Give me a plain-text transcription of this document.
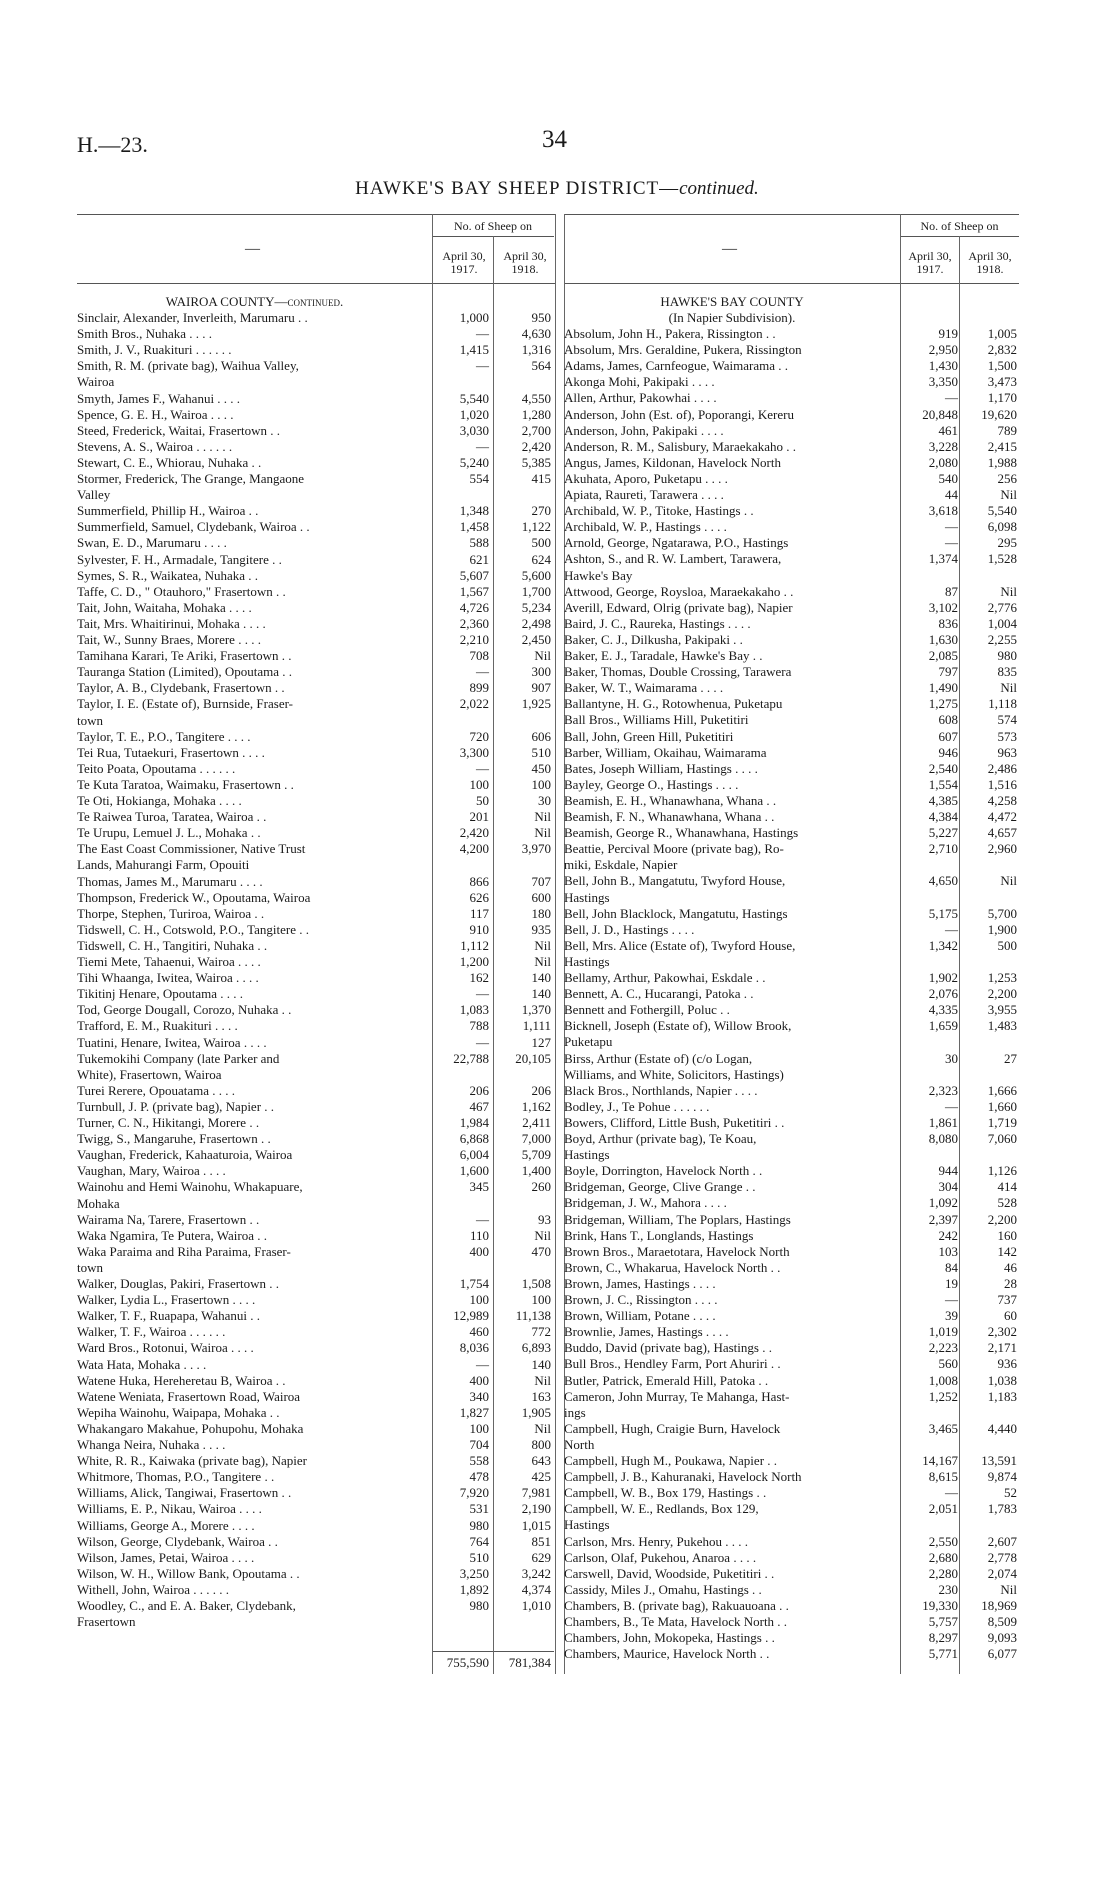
H.—23.	34
HAWKE'S BAY SHEEP DISTRICT—continued.
—	—
No. of Sheep on	No. of Sheep on
April 30, 1917.
April 30, 1918.
April 30, 1917.
April 30, 1918.
WAIROA COUNTY—continued.	HAWKE'S BAY COUNTY
(In Napier Subdivision).
Sinclair, Alexander, Inverleith, Marumaru . .	1,000	950
Smith Bros., Nuhaka . . . .	—	4,630
Smith, J. V., Ruakituri . . . . . .	1,415	1,316
Smith, R. M. (private bag), Waihua Valley,	—	564
Wairoa
Smyth, James F., Wahanui . . . .	5,540	4,550
Spence, G. E. H., Wairoa . . . .	1,020	1,280
Steed, Frederick, Waitai, Frasertown . .	3,030	2,700
Stevens, A. S., Wairoa . . . . . .	—	2,420
Stewart, C. E., Whiorau, Nuhaka . .	5,240	5,385
Stormer, Frederick, The Grange, Mangaone	554	415
Valley
Summerfield, Phillip H., Wairoa . .	1,348	270
Summerfield, Samuel, Clydebank, Wairoa . .	1,458	1,122
Swan, E. D., Marumaru . . . .	588	500
Sylvester, F. H., Armadale, Tangitere . .	621	624
Symes, S. R., Waikatea, Nuhaka . .	5,607	5,600
Taffe, C. D., " Otauhoro," Frasertown . .	1,567	1,700
Tait, John, Waitaha, Mohaka . . . .	4,726	5,234
Tait, Mrs. Whaitirinui, Mohaka . . . .	2,360	2,498
Tait, W., Sunny Braes, Morere . . . .	2,210	2,450
Tamihana Karari, Te Ariki, Frasertown . .	708	Nil
Tauranga Station (Limited), Opoutama . .	—	300
Taylor, A. B., Clydebank, Frasertown . .	899	907
Taylor, I. E. (Estate of), Burnside, Fraser-	2,022	1,925
town
Taylor, T. E., P.O., Tangitere . . . .	720	606
Tei Rua, Tutaekuri, Frasertown . . . .	3,300	510
Teito Poata, Opoutama . . . . . .	—	450
Te Kuta Taratoa, Waimaku, Frasertown . .	100	100
Te Oti, Hokianga, Mohaka . . . .	50	30
Te Raiwea Turoa, Taratea, Wairoa . .	201	Nil
Te Urupu, Lemuel J. L., Mohaka . .	2,420	Nil
The East Coast Commissioner, Native Trust	4,200	3,970
Lands, Mahurangi Farm, Opouiti
Thomas, James M., Marumaru . . . .	866	707
Thompson, Frederick W., Opoutama, Wairoa	626	600
Thorpe, Stephen, Turiroa, Wairoa . .	117	180
Tidswell, C. H., Cotswold, P.O., Tangitere . .	910	935
Tidswell, C. H., Tangitiri, Nuhaka . .	1,112	Nil
Tiemi Mete, Tahaenui, Wairoa . . . .	1,200	Nil
Tihi Whaanga, Iwitea, Wairoa . . . .	162	140
Tikitinj Henare, Opoutama . . . .	—	140
Tod, George Dougall, Corozo, Nuhaka . .	1,083	1,370
Trafford, E. M., Ruakituri . . . .	788	1,111
Tuatini, Henare, Iwitea, Wairoa . . . .	—	127
Tukemokihi Company (late Parker and	22,788	20,105
White), Frasertown, Wairoa
Turei Rerere, Opouatama . . . .	206	206
Turnbull, J. P. (private bag), Napier . .	467	1,162
Turner, C. N., Hikitangi, Morere . .	1,984	2,411
Twigg, S., Mangaruhe, Frasertown . .	6,868	7,000
Vaughan, Frederick, Kahaaturoia, Wairoa	6,004	5,709
Vaughan, Mary, Wairoa . . . .	1,600	1,400
Wainohu and Hemi Wainohu, Whakapuare,	345	260
Mohaka
Wairama Na, Tarere, Frasertown . .	—	93
Waka Ngamira, Te Putera, Wairoa . .	110	Nil
Waka Paraima and Riha Paraima, Fraser-	400	470
town
Walker, Douglas, Pakiri, Frasertown . .	1,754	1,508
Walker, Lydia L., Frasertown . . . .	100	100
Walker, T. F., Ruapapa, Wahanui . .	12,989	11,138
Walker, T. F., Wairoa . . . . . .	460	772
Ward Bros., Rotonui, Wairoa . . . .	8,036	6,893
Wata Hata, Mohaka . . . .	—	140
Watene Huka, Hereheretau B, Wairoa . .	400	Nil
Watene Weniata, Frasertown Road, Wairoa	340	163
Wepiha Wainohu, Waipapa, Mohaka . .	1,827	1,905
Whakangaro Makahue, Pohupohu, Mohaka	100	Nil
Whanga Neira, Nuhaka . . . .	704	800
White, R. R., Kaiwaka (private bag), Napier	558	643
Whitmore, Thomas, P.O., Tangitere . .	478	425
Williams, Alick, Tangiwai, Frasertown . .	7,920	7,981
Williams, E. P., Nikau, Wairoa . . . .	531	2,190
Williams, George A., Morere . . . .	980	1,015
Wilson, George, Clydebank, Wairoa . .	764	851
Wilson, James, Petai, Wairoa . . . .	510	629
Wilson, W. H., Willow Bank, Opoutama . .	3,250	3,242
Withell, John, Wairoa . . . . . .	1,892	4,374
Woodley, C., and E. A. Baker, Clydebank,	980	1,010
Frasertown
Absolum, John H., Pakera, Rissington . .	919	1,005
Absolum, Mrs. Geraldine, Pukera, Rissington	2,950	2,832
Adams, James, Carnfeogue, Waimarama . .	1,430	1,500
Akonga Mohi, Pakipaki . . . .	3,350	3,473
Allen, Arthur, Pakowhai . . . .	—	1,170
Anderson, John (Est. of), Poporangi, Kereru	20,848	19,620
Anderson, John, Pakipaki . . . .	461	789
Anderson, R. M., Salisbury, Maraekakaho . .	3,228	2,415
Angus, James, Kildonan, Havelock North	2,080	1,988
Akuhata, Aporo, Puketapu . . . .	540	256
Apiata, Raureti, Tarawera . . . .	44	Nil
Archibald, W. P., Titoke, Hastings . .	3,618	5,540
Archibald, W. P., Hastings . . . .	—	6,098
Arnold, George, Ngatarawa, P.O., Hastings	—	295
Ashton, S., and R. W. Lambert, Tarawera,	1,374	1,528
Hawke's Bay
Attwood, George, Roysloa, Maraekakaho . .	87	Nil
Averill, Edward, Olrig (private bag), Napier	3,102	2,776
Baird, J. C., Raureka, Hastings . . . .	836	1,004
Baker, C. J., Dilkusha, Pakipaki . .	1,630	2,255
Baker, E. J., Taradale, Hawke's Bay . .	2,085	980
Baker, Thomas, Double Crossing, Tarawera	797	835
Baker, W. T., Waimarama . . . .	1,490	Nil
Ballantyne, H. G., Rotowhenua, Puketapu	1,275	1,118
Ball Bros., Williams Hill, Puketitiri	608	574
Ball, John, Green Hill, Puketitiri	607	573
Barber, William, Okaihau, Waimarama	946	963
Bates, Joseph William, Hastings . . . .	2,540	2,486
Bayley, George O., Hastings . . . .	1,554	1,516
Beamish, E. H., Whanawhana, Whana . .	4,385	4,258
Beamish, F. N., Whanawhana, Whana . .	4,384	4,472
Beamish, George R., Whanawhana, Hastings	5,227	4,657
Beattie, Percival Moore (private bag), Ro-	2,710	2,960
miki, Eskdale, Napier
Bell, John B., Mangatutu, Twyford House,	4,650	Nil
Hastings
Bell, John Blacklock, Mangatutu, Hastings	5,175	5,700
Bell, J. D., Hastings . . . .	—	1,900
Bell, Mrs. Alice (Estate of), Twyford House,	1,342	500
Hastings
Bellamy, Arthur, Pakowhai, Eskdale . .	1,902	1,253
Bennett, A. C., Hucarangi, Patoka . .	2,076	2,200
Bennett and Fothergill, Poluc . .	4,335	3,955
Bicknell, Joseph (Estate of), Willow Brook,	1,659	1,483
Puketapu
Birss, Arthur (Estate of) (c/o Logan,	30	27
Williams, and White, Solicitors, Hastings)
Black Bros., Northlands, Napier . . . .	2,323	1,666
Bodley, J., Te Pohue . . . . . .	—	1,660
Bowers, Clifford, Little Bush, Puketitiri . .	1,861	1,719
Boyd, Arthur (private bag), Te Koau,	8,080	7,060
Hastings
Boyle, Dorrington, Havelock North . .	944	1,126
Bridgeman, George, Clive Grange . .	304	414
Bridgeman, J. W., Mahora . . . .	1,092	528
Bridgeman, William, The Poplars, Hastings	2,397	2,200
Brink, Hans T., Longlands, Hastings	242	160
Brown Bros., Maraetotara, Havelock North	103	142
Brown, C., Whakarua, Havelock North . .	84	46
Brown, James, Hastings . . . .	19	28
Brown, J. C., Rissington . . . .	—	737
Brown, William, Potane . . . .	39	60
Brownlie, James, Hastings . . . .	1,019	2,302
Buddo, David (private bag), Hastings . .	2,223	2,171
Bull Bros., Hendley Farm, Port Ahuriri . .	560	936
Butler, Patrick, Emerald Hill, Patoka . .	1,008	1,038
Cameron, John Murray, Te Mahanga, Hast-	1,252	1,183
ings
Campbell, Hugh, Craigie Burn, Havelock	3,465	4,440
North
Campbell, Hugh M., Poukawa, Napier . .	14,167	13,591
Campbell, J. B., Kahuranaki, Havelock North	8,615	9,874
Campbell, W. B., Box 179, Hastings . .	—	52
Campbell, W. E., Redlands, Box 129,	2,051	1,783
Hastings
Carlson, Mrs. Henry, Pukehou . . . .	2,550	2,607
Carlson, Olaf, Pukehou, Anaroa . . . .	2,680	2,778
Carswell, David, Woodside, Puketitiri . .	2,280	2,074
Cassidy, Miles J., Omahu, Hastings . .	230	Nil
Chambers, B. (private bag), Rakuauoana . .	19,330	18,969
Chambers, B., Te Mata, Havelock North . .	5,757	8,509
Chambers, John, Mokopeka, Hastings . .	8,297	9,093
Chambers, Maurice, Havelock North . .	5,771	6,077
755,590	781,384
